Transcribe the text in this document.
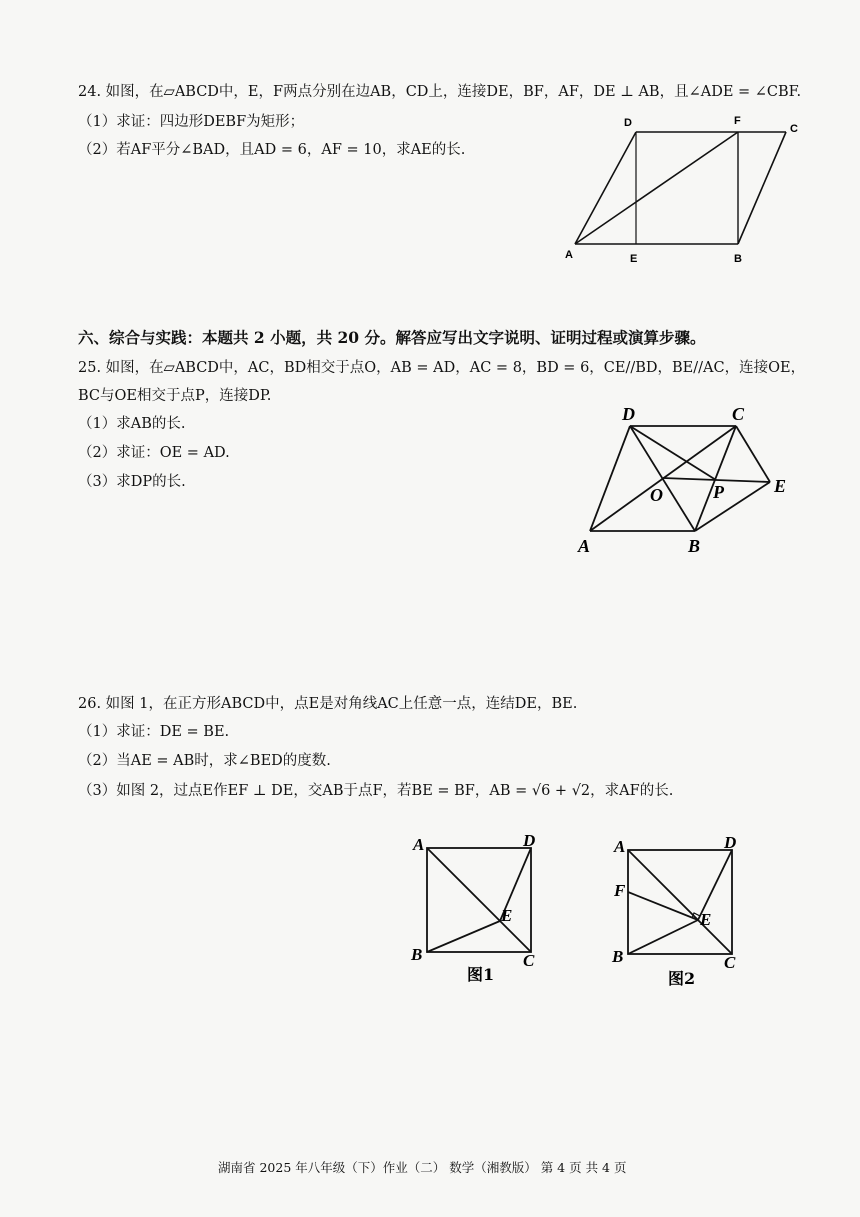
24. 如图，在▱ABCD中，E，F两点分别在边AB，CD上，连接DE，BF，AF，DE ⊥ AB，且∠ADE = ∠CBF.
（1）求证：四边形DEBF为矩形；
（2）若AF平分∠BAD，且AD = 6，AF = 10，求AE的长.
D	F
C
A	E	B
六、综合与实践：本题共 2 小题，共 20 分。解答应写出文字说明、证明过程或演算步骤。
25. 如图，在▱ABCD中，AC，BD相交于点O，AB = AD，AC = 8，BD = 6，CE//BD，BE//AC，连接OE，
BC与OE相交于点P，连接DP.
（1）求AB的长.
（2）求证：OE = AD.
（3）求DP的长.
D	C
E
O	P
A	B
26. 如图 1，在正方形ABCD中，点E是对角线AC上任意一点，连结DE，BE.
（1）求证：DE = BE.
（2）当AE = AB时，求∠BED的度数.
（3）如图 2，过点E作EF ⊥ DE，交AB于点F，若BE = BF，AB = √6 + √2，求AF的长.
A	D
E
B	C
图1
A	D
F
E
B	C
图2
湖南省 2025 年八年级（下）作业（二） 数学（湘教版） 第 4 页 共 4 页
